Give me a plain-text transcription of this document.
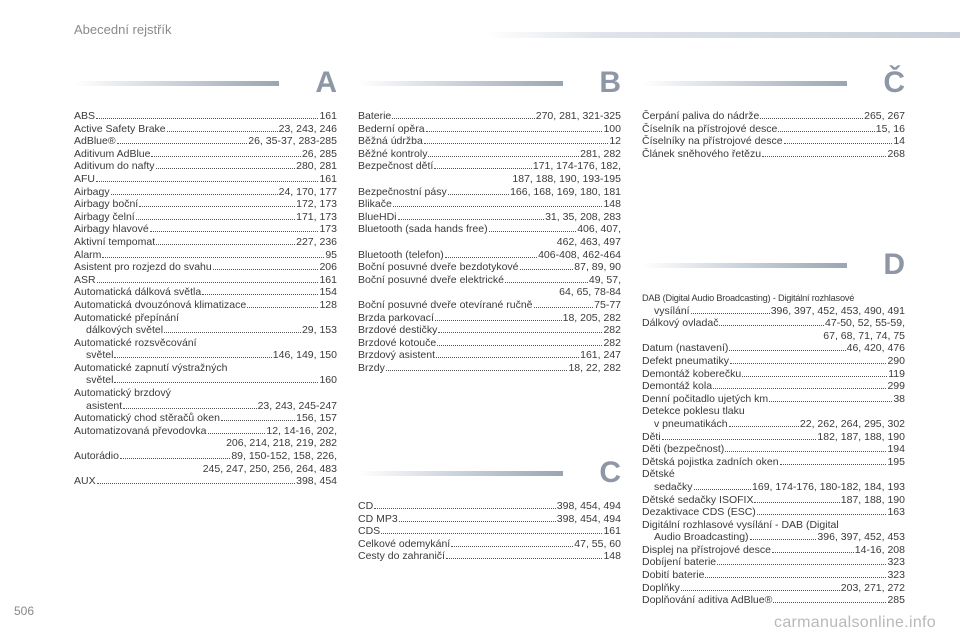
Abecední rejstřík
A
ABS	161
Active Safety Brake	23, 243, 246
AdBlue®	26, 35-37, 283-285
Aditivum AdBlue	26, 285
Aditivum do nafty	280, 281
AFU	161
Airbagy	24, 170, 177
Airbagy boční	172, 173
Airbagy čelní	171, 173
Airbagy hlavové	173
Aktivní tempomat	227, 236
Alarm	95
Asistent pro rozjezd do svahu	206
ASR	161
Automatická dálková světla	154
Automatická dvouzónová klimatizace	128
Automatické přepínání
dálkových světel	29, 153
Automatické rozsvěcování
světel	146, 149, 150
Automatické zapnutí výstražných
světel	160
Automatický brzdový
asistent	23, 243, 245-247
Automatický chod stěračů oken	156, 157
Automatizovaná převodovka	12, 14-16, 202,
206, 214, 218, 219, 282
Autorádio	89, 150-152, 158, 226,
245, 247, 250, 256, 264, 483
AUX	398, 454
B
Baterie	270, 281, 321-325
Bederní opěra	100
Běžná údržba	12
Běžné kontroly	281, 282
Bezpečnost dětí	171, 174-176, 182,
187, 188, 190, 193-195
Bezpečnostní pásy	166, 168, 169, 180, 181
Blikače	148
BlueHDi	31, 35, 208, 283
Bluetooth (sada hands free)	406, 407,
462, 463, 497
Bluetooth (telefon)	406-408, 462-464
Boční posuvné dveře bezdotykové	87, 89, 90
Boční posuvné dveře elektrické	49, 57,
64, 65, 78-84
Boční posuvné dveře otevírané ručně	75-77
Brzda parkovací	18, 205, 282
Brzdové destičky	282
Brzdové kotouče	282
Brzdový asistent	161, 247
Brzdy	18, 22, 282
C
CD	398, 454, 494
CD MP3	398, 454, 494
CDS	161
Celkové odemykání	47, 55, 60
Cesty do zahraničí	148
Č
Čerpání paliva do nádrže	265, 267
Číselník na přístrojové desce	15, 16
Číselníky na přístrojové desce	14
Článek sněhového řetězu	268
D
DAB (Digital Audio Broadcasting) - Digitální rozhlasové
vysílání	396, 397, 452, 453, 490, 491
Dálkový ovladač	47-50, 52, 55-59,
67, 68, 71, 74, 75
Datum (nastavení)	46, 420, 476
Defekt pneumatiky	290
Demontáž koberečku	119
Demontáž kola	299
Denní počitadlo ujetých km	38
Detekce poklesu tlaku
v pneumatikách	22, 262, 264, 295, 302
Děti	182, 187, 188, 190
Děti (bezpečnost)	194
Dětská pojistka zadních oken	195
Dětské
sedačky	169, 174-176, 180-182, 184, 193
Dětské sedačky ISOFIX	187, 188, 190
Dezaktivace CDS (ESC)	163
Digitální rozhlasové vysílání - DAB (Digital
Audio Broadcasting)	396, 397, 452, 453
Displej na přístrojové desce	14-16, 208
Dobíjení baterie	323
Dobití baterie	323
Doplňky	203, 271, 272
Doplňování aditiva AdBlue®	285
506
carmanualsonline.info
